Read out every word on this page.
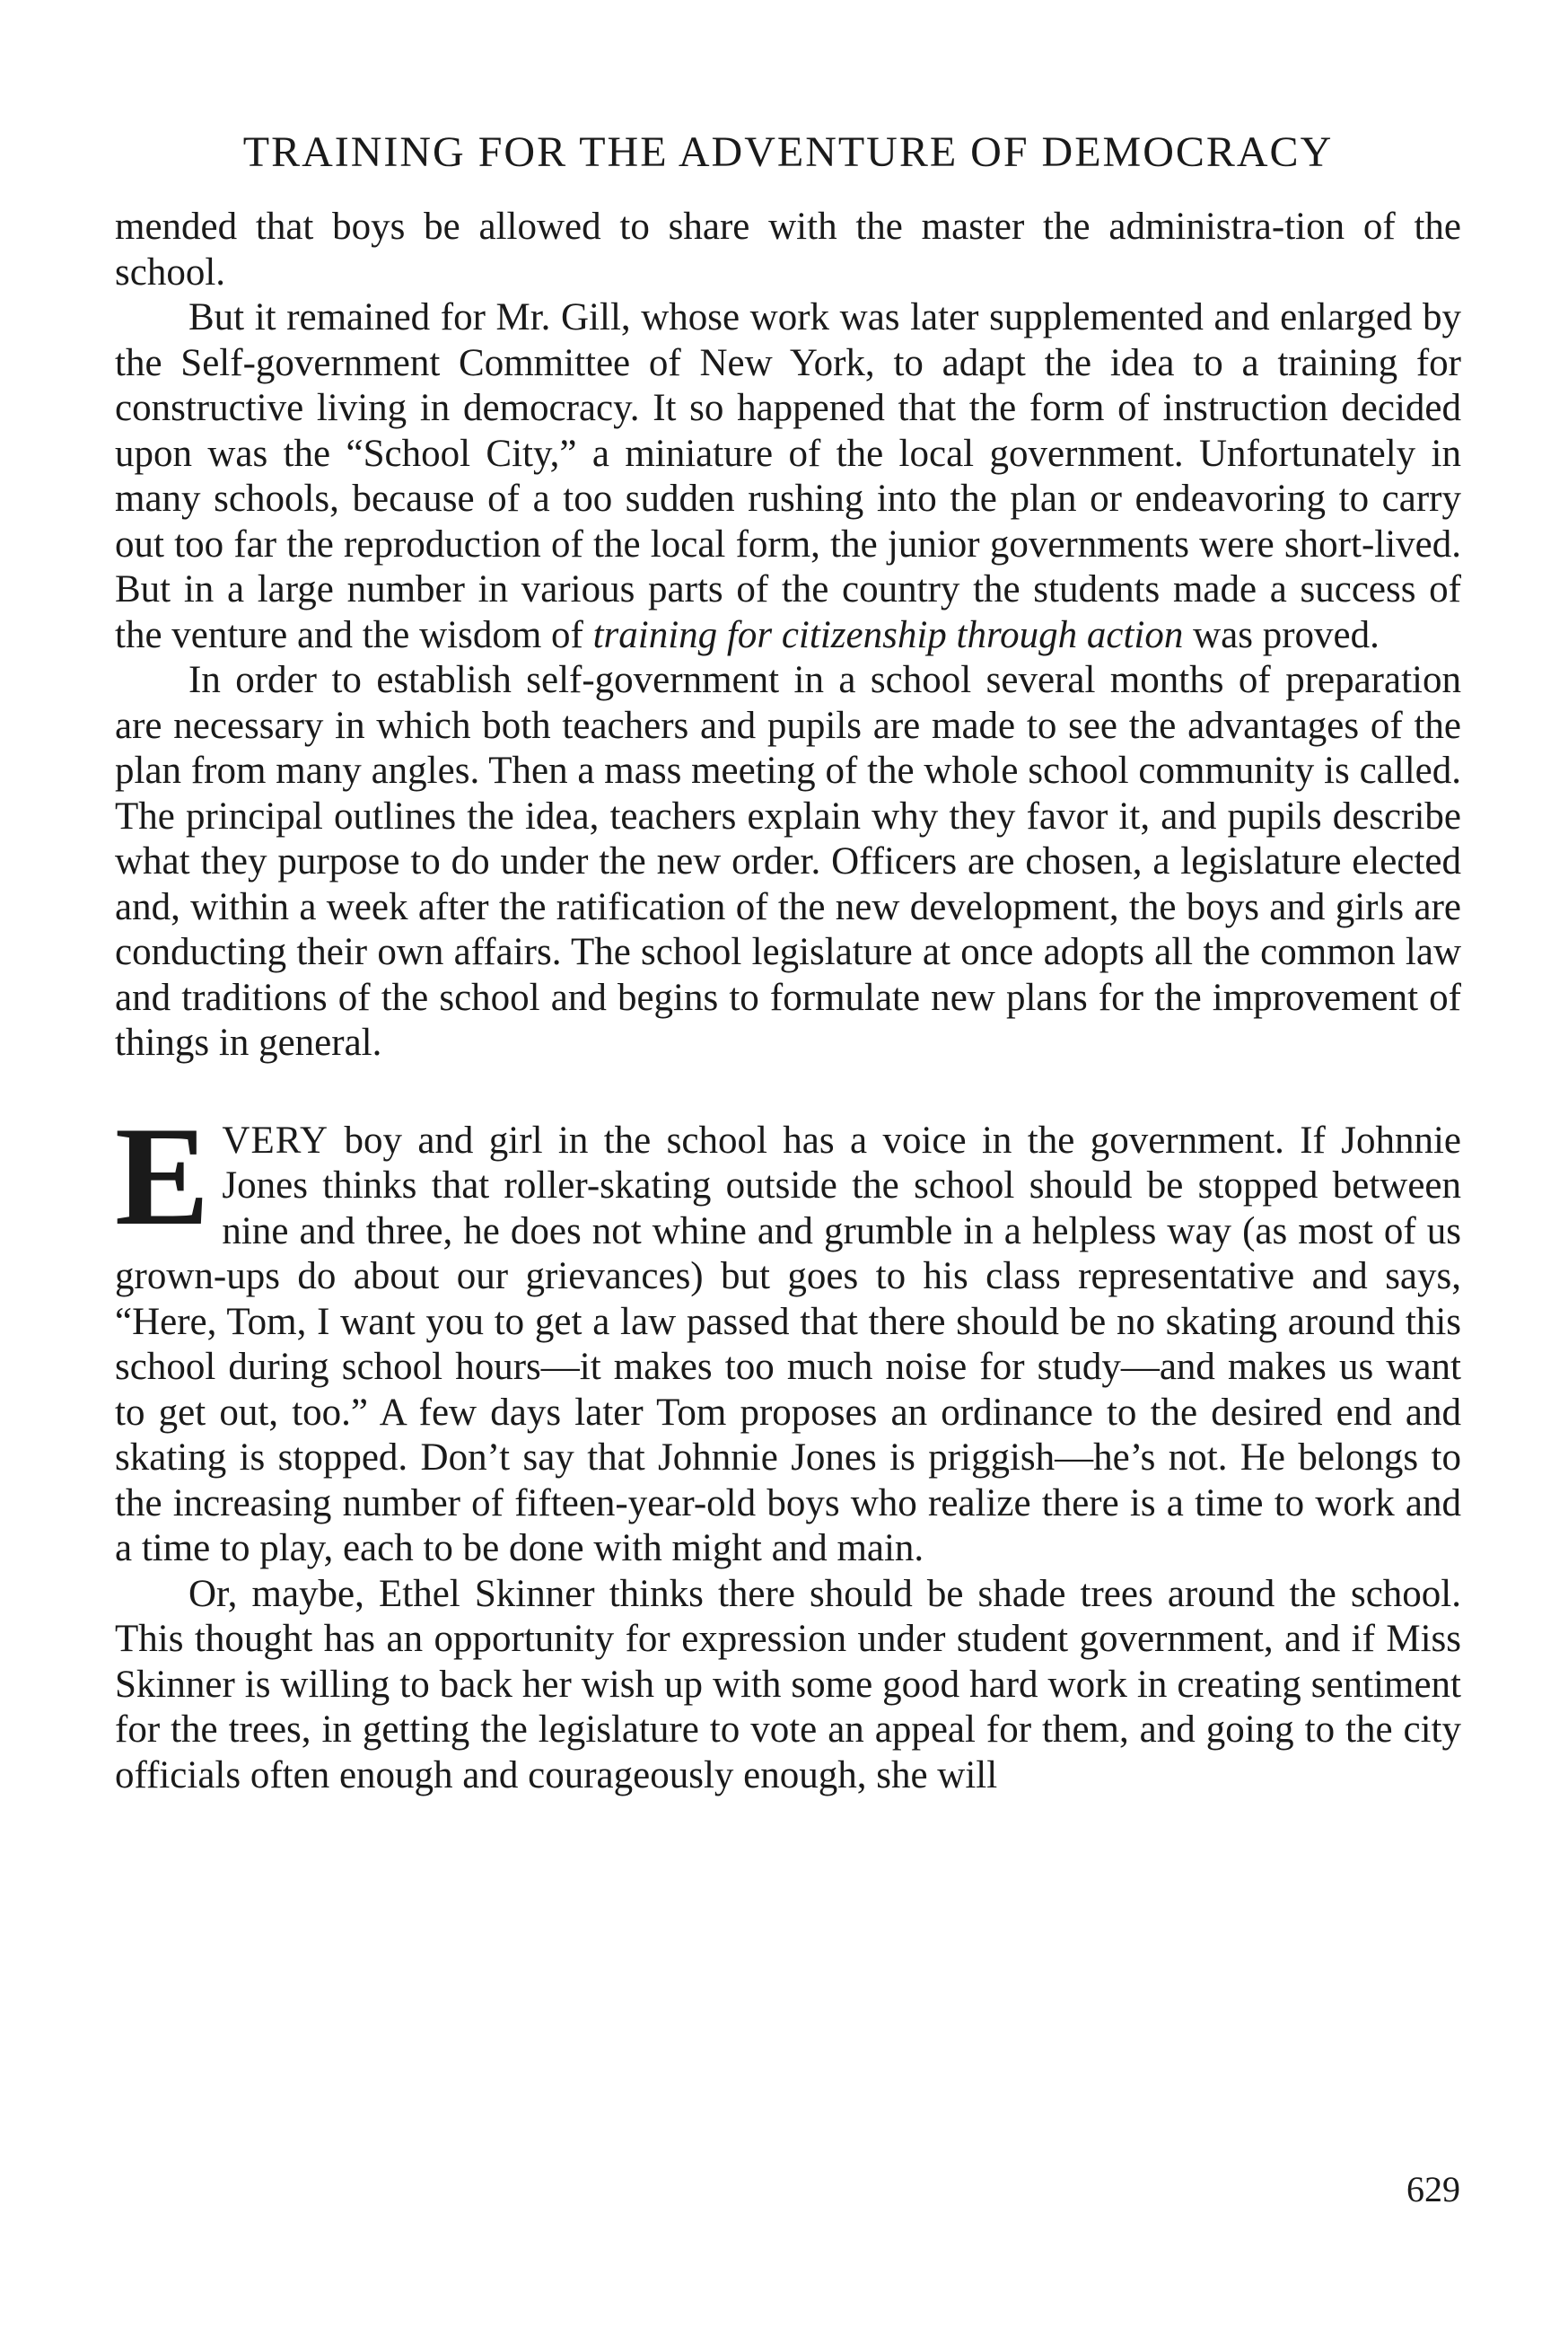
TRAINING FOR THE ADVENTURE OF DEMOCRACY

mended that boys be allowed to share with the master the administra-tion of the school.

But it remained for Mr. Gill, whose work was later supplemented and enlarged by the Self-government Committee of New York, to adapt the idea to a training for constructive living in democracy. It so happened that the form of instruction decided upon was the “School City,” a miniature of the local government. Unfortunately in many schools, because of a too sudden rushing into the plan or endeavoring to carry out too far the reproduction of the local form, the junior governments were short-lived. But in a large number in various parts of the country the students made a success of the venture and the wisdom of training for citizenship through action was proved.

In order to establish self-government in a school several months of preparation are necessary in which both teachers and pupils are made to see the advantages of the plan from many angles. Then a mass meeting of the whole school community is called. The principal outlines the idea, teachers explain why they favor it, and pupils describe what they purpose to do under the new order. Officers are chosen, a legislature elected and, within a week after the ratification of the new development, the boys and girls are conducting their own affairs. The school legislature at once adopts all the common law and traditions of the school and begins to formulate new plans for the improvement of things in general.

EVERY boy and girl in the school has a voice in the government. If Johnnie Jones thinks that roller-skating outside the school should be stopped between nine and three, he does not whine and grumble in a helpless way (as most of us grown-ups do about our grievances) but goes to his class representative and says, “Here, Tom, I want you to get a law passed that there should be no skating around this school during school hours—it makes too much noise for study—and makes us want to get out, too.” A few days later Tom proposes an ordinance to the desired end and skating is stopped. Don’t say that Johnnie Jones is priggish—he’s not. He belongs to the increasing number of fifteen-year-old boys who realize there is a time to work and a time to play, each to be done with might and main.

Or, maybe, Ethel Skinner thinks there should be shade trees around the school. This thought has an opportunity for expression under student government, and if Miss Skinner is willing to back her wish up with some good hard work in creating sentiment for the trees, in getting the legislature to vote an appeal for them, and going to the city officials often enough and courageously enough, she will

629
